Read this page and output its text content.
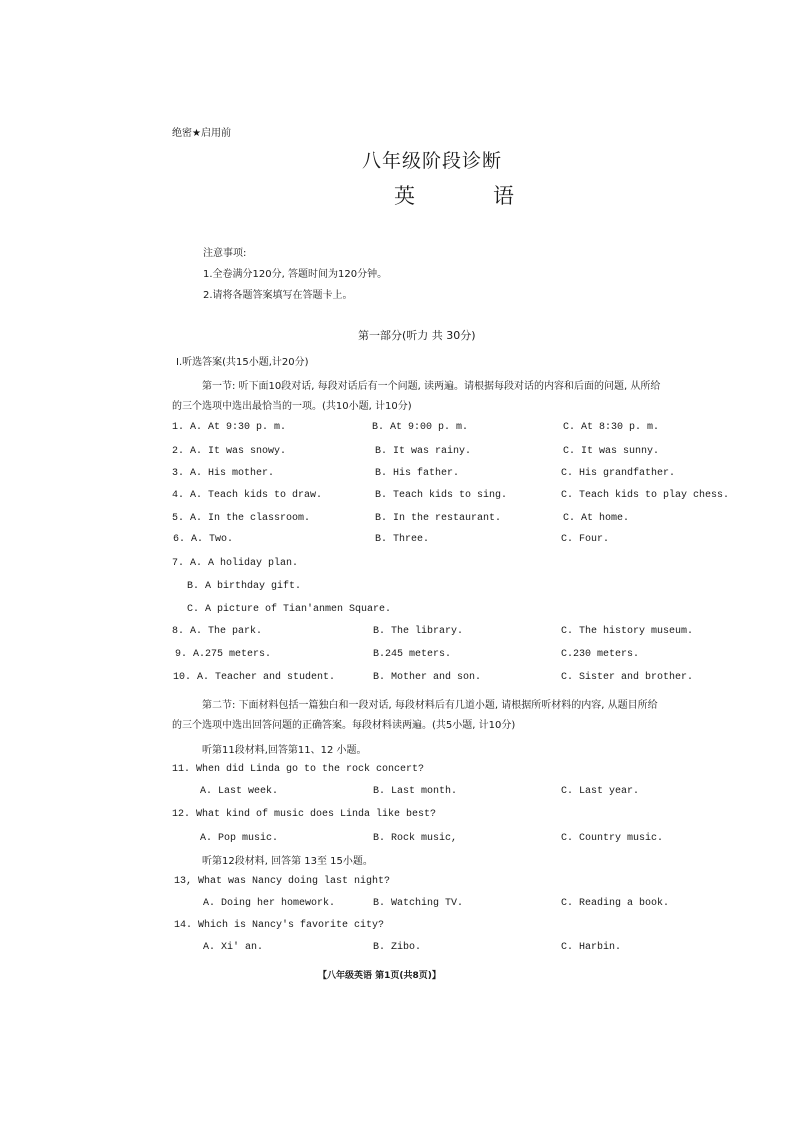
绝密★启用前
八年级阶段诊断
英	语
注意事项:
1.全卷满分120分, 答题时间为120分钟。
2.请将各题答案填写在答题卡上。
第一部分(听力 共 30分)
Ⅰ.听选答案(共15小题,计20分)
第一节: 听下面10段对话, 每段对话后有一个问题, 读两遍。请根据每段对话的内容和后面的问题, 从所给
的三个选项中选出最恰当的一项。(共10小题, 计10分)
1. A. At 9:30 p. m.	B. At 9:00 p. m.	C. At 8:30 p. m.
2. A. It was snowy.	B. It was rainy.	C. It was sunny.
3. A. His mother.	B. His father.	C. His grandfather.
4. A. Teach kids to draw.	B. Teach kids to sing.	C. Teach kids to play chess.
5. A. In the classroom.	B. In the restaurant.	C. At home.
6. A. Two.	B. Three.	C. Four.
7. A. A holiday plan.
B. A birthday gift.
C. A picture of Tian'anmen Square.
8. A. The park.	B. The library.	C. The history museum.
9. A.275 meters.	B.245 meters.	C.230 meters.
10. A. Teacher and student.	B. Mother and son.	C. Sister and brother.
第二节: 下面材料包括一篇独白和一段对话, 每段材料后有几道小题, 请根据所听材料的内容, 从题目所给
的三个选项中选出回答问题的正确答案。每段材料读两遍。(共5小题, 计10分)
听第11段材料,回答第11、12 小题。
11. When did Linda go to the rock concert?
A. Last week.	B. Last month.	C. Last year.
12. What kind of music does Linda like best?
A. Pop music.	B. Rock music,	C. Country music.
听第12段材料, 回答第 13至 15小题。
13, What was Nancy doing last night?
A. Doing her homework.	B. Watching TV.	C. Reading a book.
14. Which is Nancy's favorite city?
A. Xi' an.	B. Zibo.	C. Harbin.
【八年级英语 第1页(共8页)】
